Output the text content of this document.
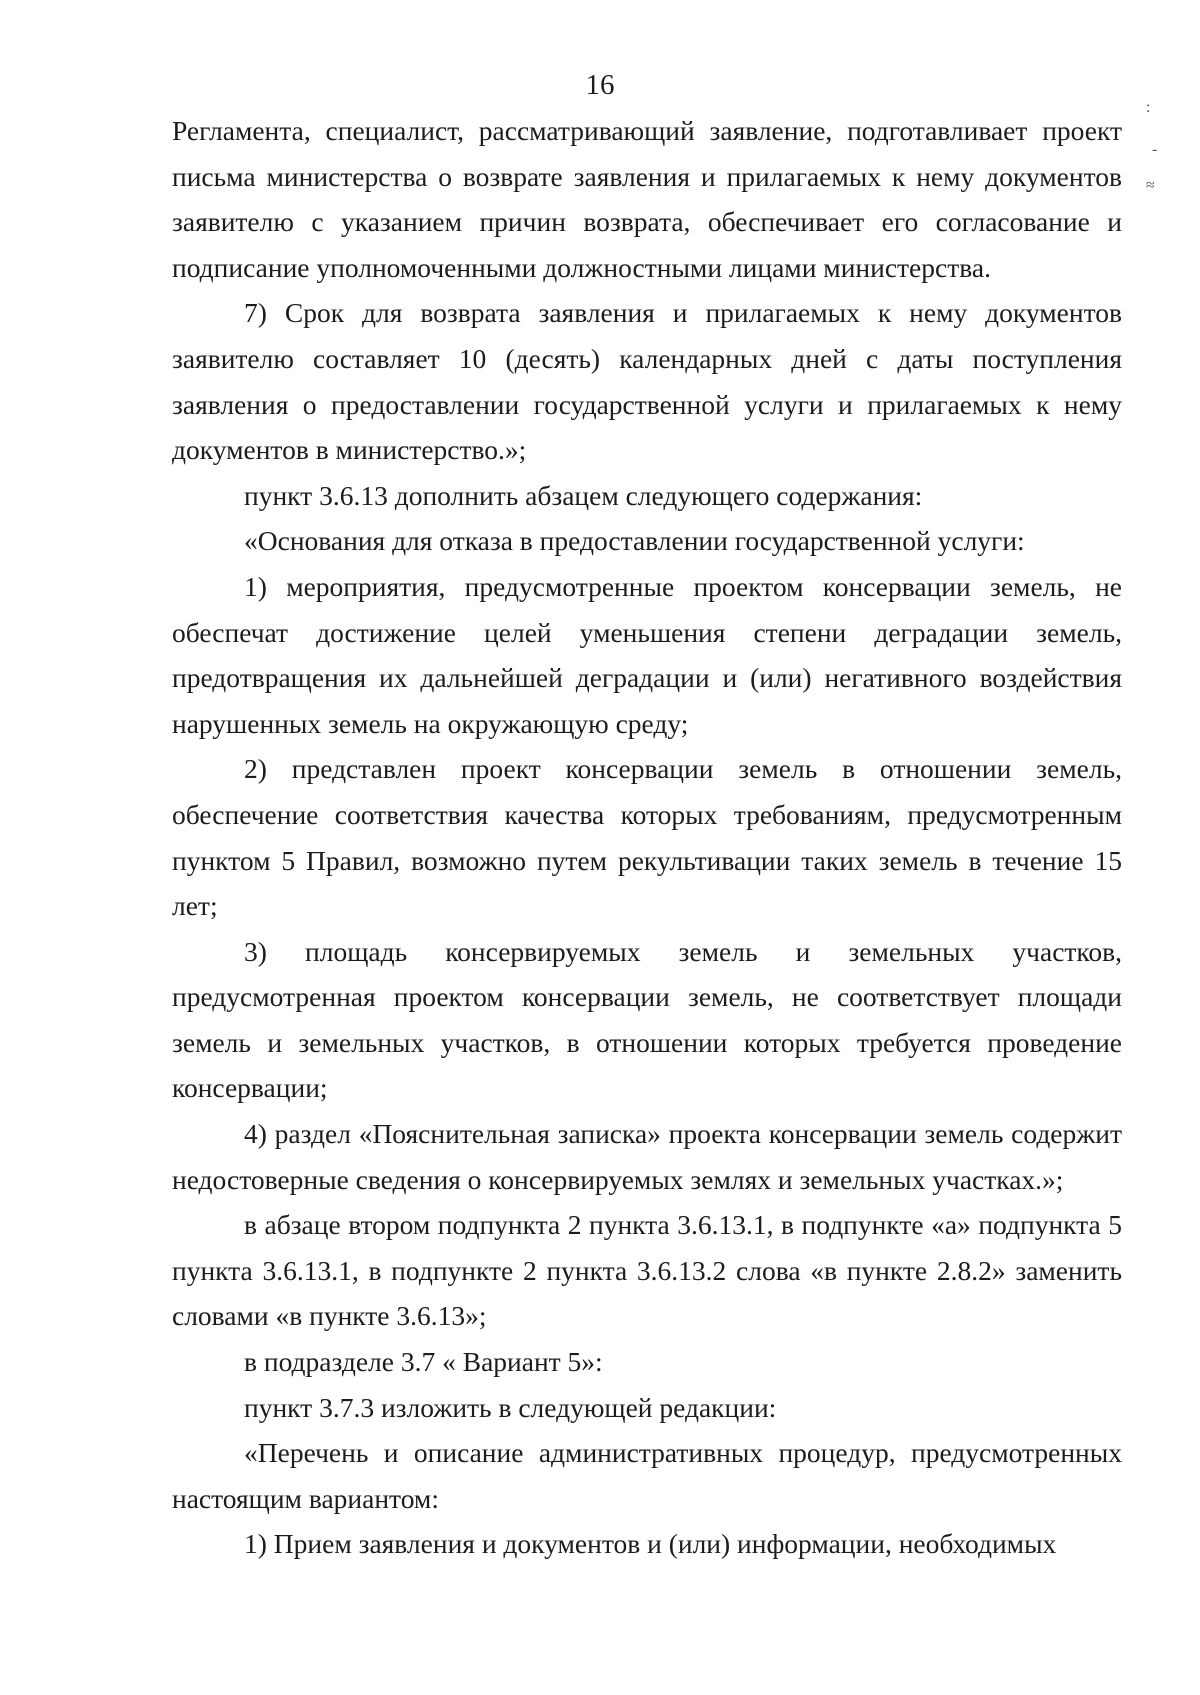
16
:
-
≈

Регламента, специалист, рассматривающий заявление, подготавливает проект письма министерства о возврате заявления и прилагаемых к нему документов заявителю с указанием причин возврата, обеспечивает его согласование и подписание уполномоченными должностными лицами министерства.

7) Срок для возврата заявления и прилагаемых к нему документов заявителю составляет 10 (десять) календарных дней с даты поступления заявления о предоставлении государственной услуги и прилагаемых к нему документов в министерство.»;

пункт 3.6.13 дополнить абзацем следующего содержания:

«Основания для отказа в предоставлении государственной услуги:

1) мероприятия, предусмотренные проектом консервации земель, не обеспечат достижение целей уменьшения степени деградации земель, предотвращения их дальнейшей деградации и (или) негативного воздействия нарушенных земель на окружающую среду;

2) представлен проект консервации земель в отношении земель, обеспечение соответствия качества которых требованиям, предусмотренным пунктом 5 Правил, возможно путем рекультивации таких земель в течение 15 лет;

3) площадь консервируемых земель и земельных участков, предусмотренная проектом консервации земель, не соответствует площади земель и земельных участков, в отношении которых требуется проведение консервации;

4) раздел «Пояснительная записка» проекта консервации земель содержит недостоверные сведения о консервируемых землях и земельных участках.»;

в абзаце втором подпункта 2 пункта 3.6.13.1, в подпункте «а» подпункта 5 пункта 3.6.13.1, в подпункте 2 пункта 3.6.13.2 слова «в пункте 2.8.2» заменить словами «в пункте 3.6.13»;

в подразделе 3.7 « Вариант 5»:

пункт 3.7.3 изложить в следующей редакции:

«Перечень и описание административных процедур, предусмотренных настоящим вариантом:

1) Прием заявления и документов и (или) информации, необходимых
